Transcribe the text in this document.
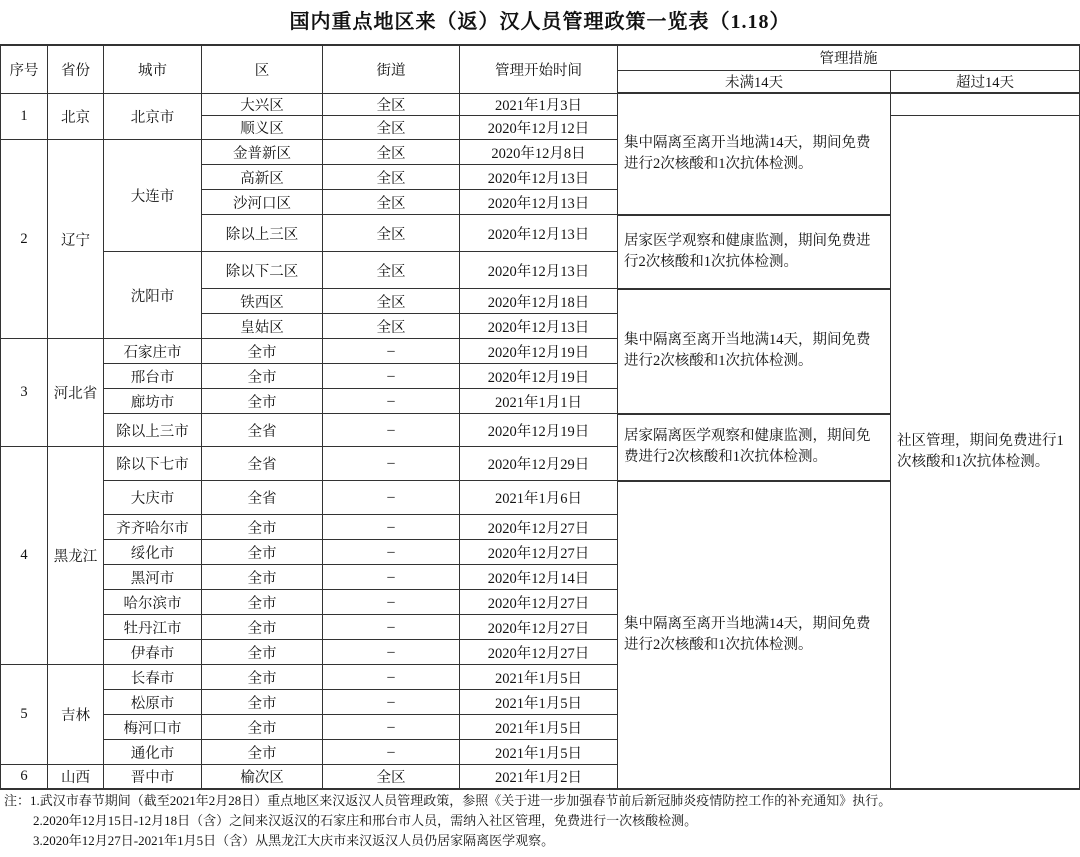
国内重点地区来（返）汉人员管理政策一览表（1.18）
序号	省份	城市	区	街道	管理开始时间	管理措施	
						未满14天	超过14天
1	北京	北京市	大兴区	全区	2021年1月3日	集中隔离至离开当地满14天，期间免费进行2次核酸和1次抗体检测。	
			顺义区	全区	2020年12月12日		社区管理，期间免费进行1次核酸和1次抗体检测。
2	辽宁	大连市	金普新区	全区	2020年12月8日		
			高新区	全区	2020年12月13日		
			沙河口区	全区	2020年12月13日		
			除以上三区	全区	2020年12月13日	居家医学观察和健康监测，期间免费进行2次核酸和1次抗体检测。	
		沈阳市	除以下二区	全区	2020年12月13日		
			铁西区	全区	2020年12月18日	集中隔离至离开当地满14天，期间免费进行2次核酸和1次抗体检测。	
			皇姑区	全区	2020年12月13日		
3	河北省	石家庄市	全市	–	2020年12月19日		
		邢台市	全市	–	2020年12月19日		
		廊坊市	全市	–	2021年1月1日		
		除以上三市	全省	–	2020年12月19日	居家隔离医学观察和健康监测，期间免费进行2次核酸和1次抗体检测。	
4	黑龙江	除以下七市	全省	–	2020年12月29日		
		大庆市	全省	–	2021年1月6日	集中隔离至离开当地满14天，期间免费进行2次核酸和1次抗体检测。	
		齐齐哈尔市	全市	–	2020年12月27日		
		绥化市	全市	–	2020年12月27日		
		黑河市	全市	–	2020年12月14日		
		哈尔滨市	全市	–	2020年12月27日		
		牡丹江市	全市	–	2020年12月27日		
		伊春市	全市	–	2020年12月27日		
5	吉林	长春市	全市	–	2021年1月5日		
		松原市	全市	–	2021年1月5日		
		梅河口市	全市	–	2021年1月5日		
		通化市	全市	–	2021年1月5日		
6	山西	晋中市	榆次区	全区	2021年1月2日		
注：1.武汉市春节期间（截至2021年2月28日）重点地区来汉返汉人员管理政策，参照《关于进一步加强春节前后新冠肺炎疫情防控工作的补充通知》执行。
2.2020年12月15日-12月18日（含）之间来汉返汉的石家庄和邢台市人员，需纳入社区管理，免费进行一次核酸检测。
3.2020年12月27日-2021年1月5日（含）从黑龙江大庆市来汉返汉人员仍居家隔离医学观察。
